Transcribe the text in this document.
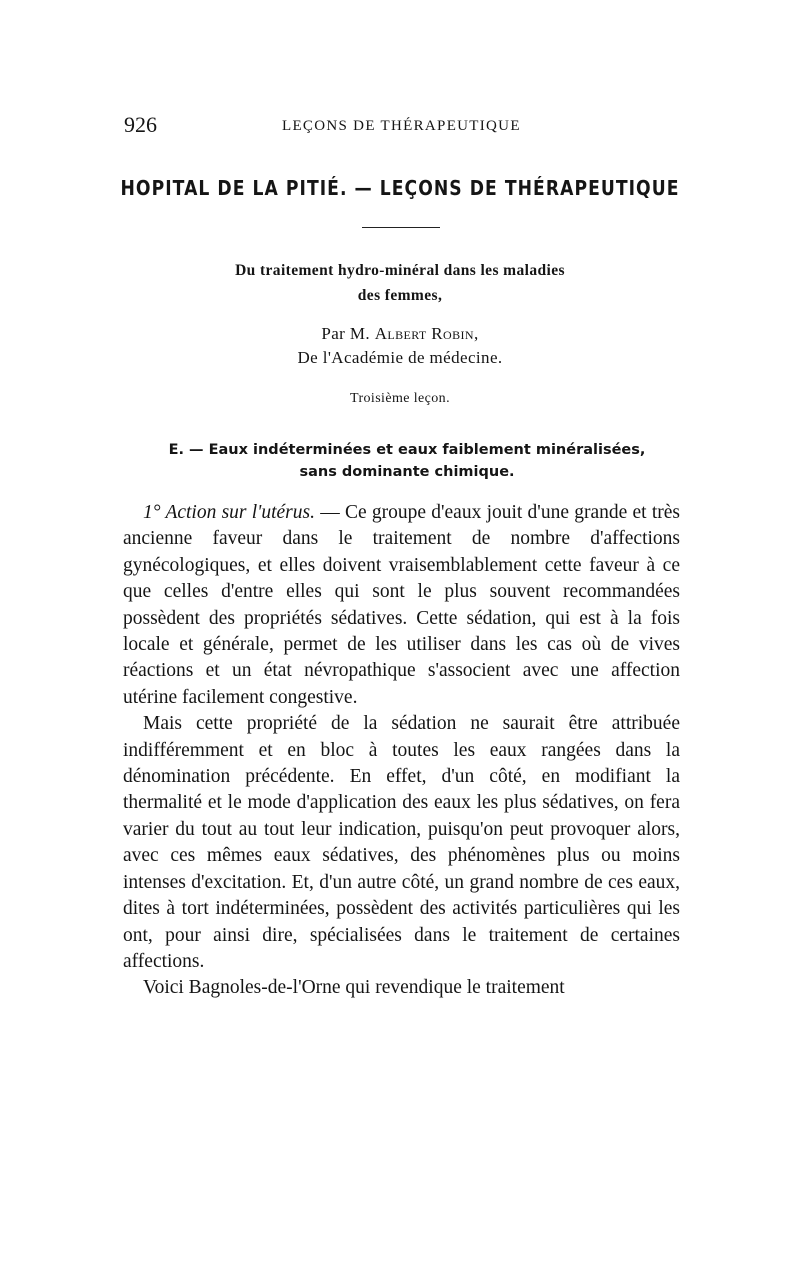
926	LEÇONS DE THÉRAPEUTIQUE
HOPITAL DE LA PITIÉ. — LEÇONS DE THÉRAPEUTIQUE
Du traitement hydro-minéral dans les maladies
des femmes,
Par M. Albert Robin,
De l'Académie de médecine.
Troisième leçon.
E. — Eaux indéterminées et eaux faiblement minéralisées,
sans dominante chimique.

1° Action sur l'utérus. — Ce groupe d'eaux jouit d'une grande et très ancienne faveur dans le traitement de nombre d'affections gynécologiques, et elles doivent vraisemblablement cette faveur à ce que celles d'entre elles qui sont le plus souvent recommandées possèdent des propriétés sédatives. Cette sédation, qui est à la fois locale et générale, permet de les utiliser dans les cas où de vives réactions et un état névropathique s'associent avec une affection utérine facilement congestive.

Mais cette propriété de la sédation ne saurait être attribuée indifféremment et en bloc à toutes les eaux rangées dans la dénomination précédente. En effet, d'un côté, en modifiant la thermalité et le mode d'application des eaux les plus sédatives, on fera varier du tout au tout leur indication, puisqu'on peut provoquer alors, avec ces mêmes eaux sédatives, des phénomènes plus ou moins intenses d'excitation. Et, d'un autre côté, un grand nombre de ces eaux, dites à tort indéterminées, possèdent des activités particulières qui les ont, pour ainsi dire, spécialisées dans le traitement de certaines affections.

Voici Bagnoles-de-l'Orne qui revendique le traitement
